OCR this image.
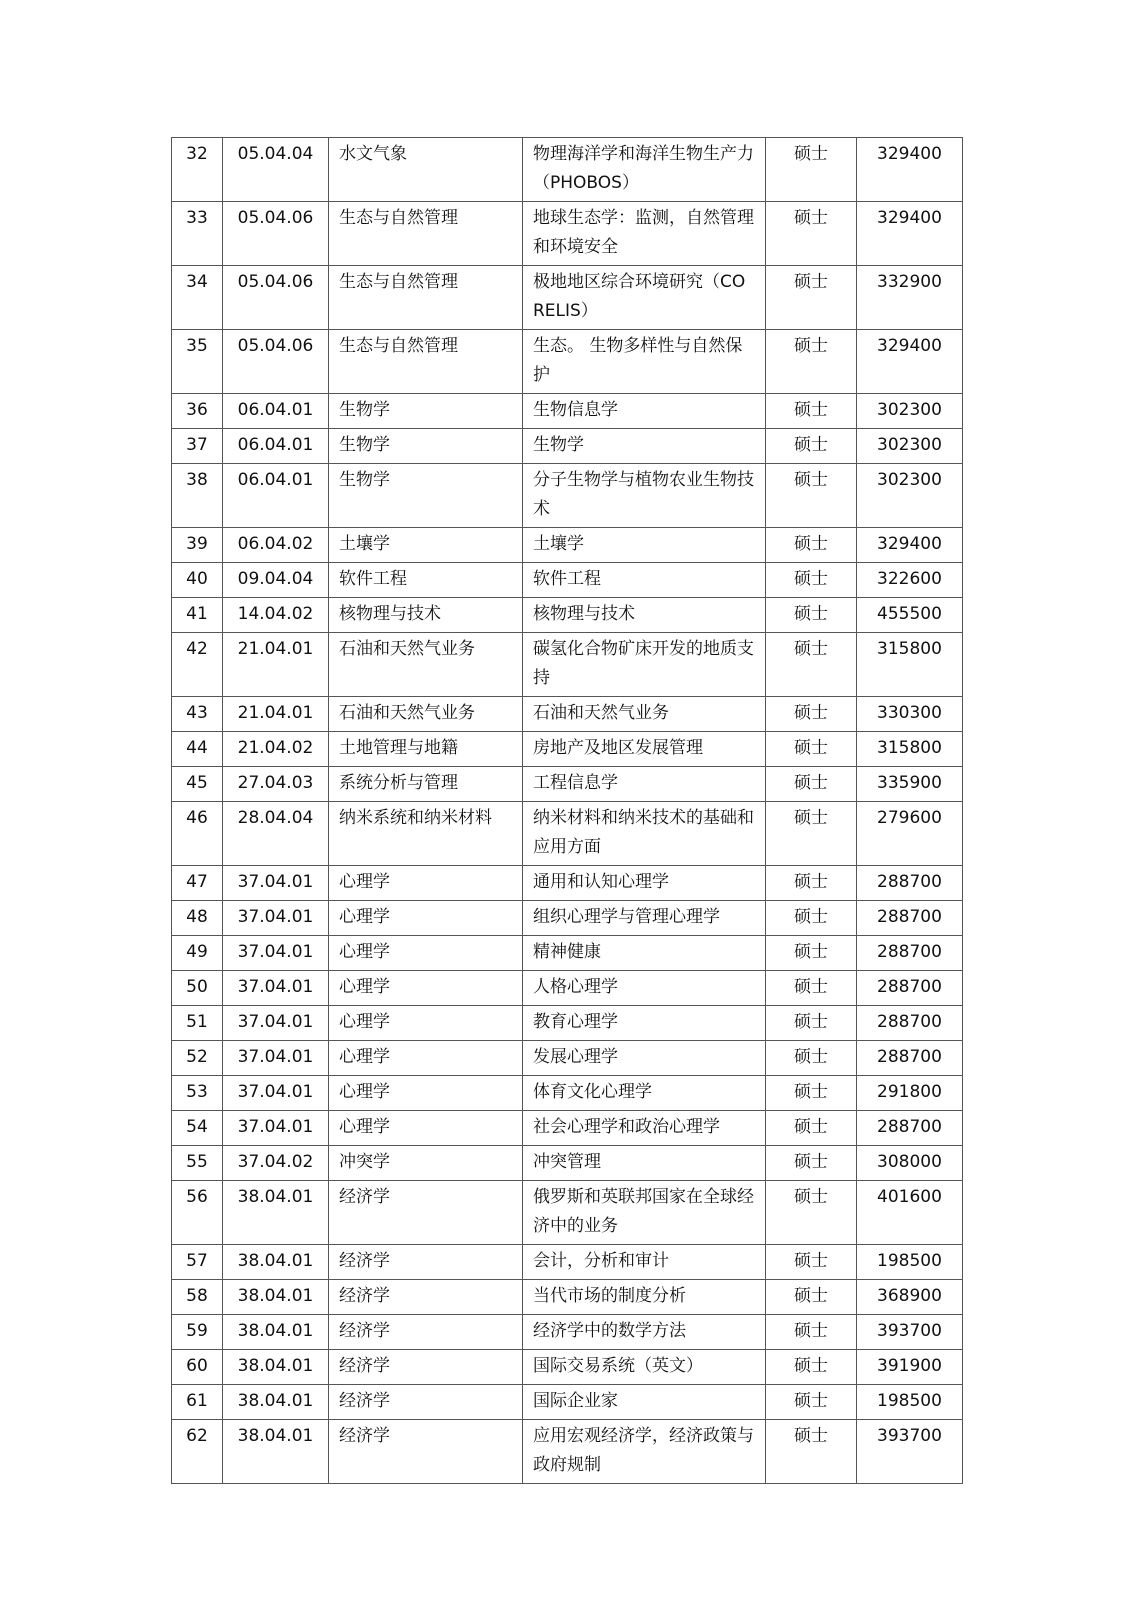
32	05.04.04	水文气象	物理海洋学和海洋生物生产力（PHOBOS）	硕士	329400
33	05.04.06	生态与自然管理	地球生态学：监测，自然管理和环境安全	硕士	329400
34	05.04.06	生态与自然管理	极地地区综合环境研究（CORELIS）	硕士	332900
35	05.04.06	生态与自然管理	生态。 生物多样性与自然保护	硕士	329400
36	06.04.01	生物学	生物信息学	硕士	302300
37	06.04.01	生物学	生物学	硕士	302300
38	06.04.01	生物学	分子生物学与植物农业生物技术	硕士	302300
39	06.04.02	土壤学	土壤学	硕士	329400
40	09.04.04	软件工程	软件工程	硕士	322600
41	14.04.02	核物理与技术	核物理与技术	硕士	455500
42	21.04.01	石油和天然气业务	碳氢化合物矿床开发的地质支持	硕士	315800
43	21.04.01	石油和天然气业务	石油和天然气业务	硕士	330300
44	21.04.02	土地管理与地籍	房地产及地区发展管理	硕士	315800
45	27.04.03	系统分析与管理	工程信息学	硕士	335900
46	28.04.04	纳米系统和纳米材料	纳米材料和纳米技术的基础和应用方面	硕士	279600
47	37.04.01	心理学	通用和认知心理学	硕士	288700
48	37.04.01	心理学	组织心理学与管理心理学	硕士	288700
49	37.04.01	心理学	精神健康	硕士	288700
50	37.04.01	心理学	人格心理学	硕士	288700
51	37.04.01	心理学	教育心理学	硕士	288700
52	37.04.01	心理学	发展心理学	硕士	288700
53	37.04.01	心理学	体育文化心理学	硕士	291800
54	37.04.01	心理学	社会心理学和政治心理学	硕士	288700
55	37.04.02	冲突学	冲突管理	硕士	308000
56	38.04.01	经济学	俄罗斯和英联邦国家在全球经济中的业务	硕士	401600
57	38.04.01	经济学	会计，分析和审计	硕士	198500
58	38.04.01	经济学	当代市场的制度分析	硕士	368900
59	38.04.01	经济学	经济学中的数学方法	硕士	393700
60	38.04.01	经济学	国际交易系统（英文）	硕士	391900
61	38.04.01	经济学	国际企业家	硕士	198500
62	38.04.01	经济学	应用宏观经济学，经济政策与政府规制	硕士	393700
